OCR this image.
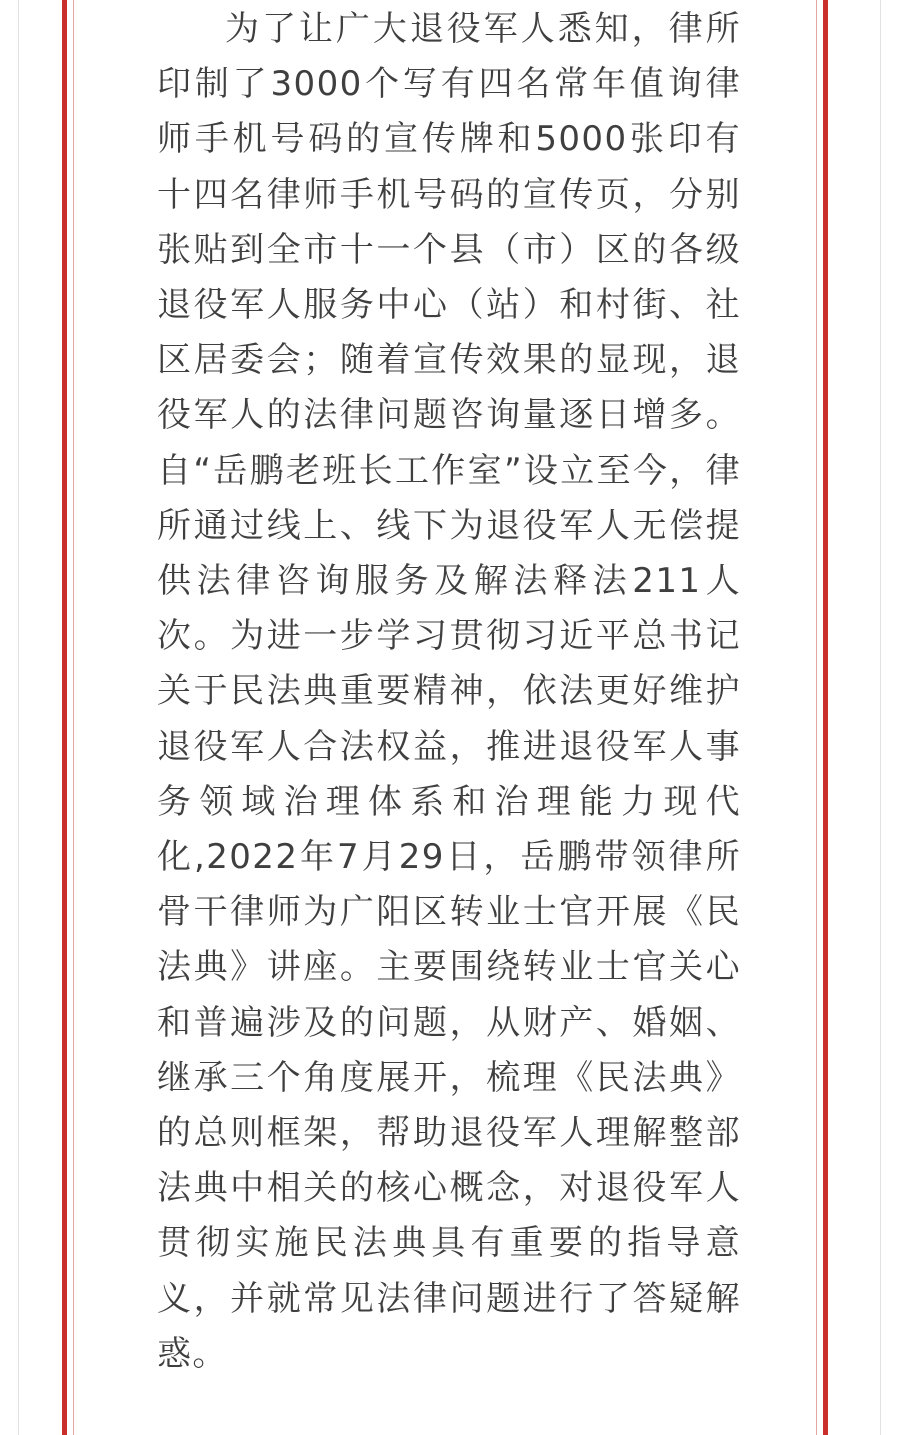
为了让广大退役军人悉知，律所印制了3000个写有四名常年值询律师手机号码的宣传牌和5000张印有十四名律师手机号码的宣传页，分别张贴到全市十一个县（市）区的各级退役军人服务中心（站）和村街、社区居委会；随着宣传效果的显现，退役军人的法律问题咨询量逐日增多。自“岳鹏老班长工作室”设立至今，律所通过线上、线下为退役军人无偿提供法律咨询服务及解法释法211人次。为进一步学习贯彻习近平总书记关于民法典重要精神，依法更好维护退役军人合法权益，推进退役军人事务领域治理体系和治理能力现代化,2022年7月29日，岳鹏带领律所骨干律师为广阳区转业士官开展《民法典》讲座。主要围绕转业士官关心和普遍涉及的问题，从财产、婚姻、继承三个角度展开，梳理《民法典》的总则框架，帮助退役军人理解整部法典中相关的核心概念，对退役军人贯彻实施民法典具有重要的指导意义，并就常见法律问题进行了答疑解惑。
